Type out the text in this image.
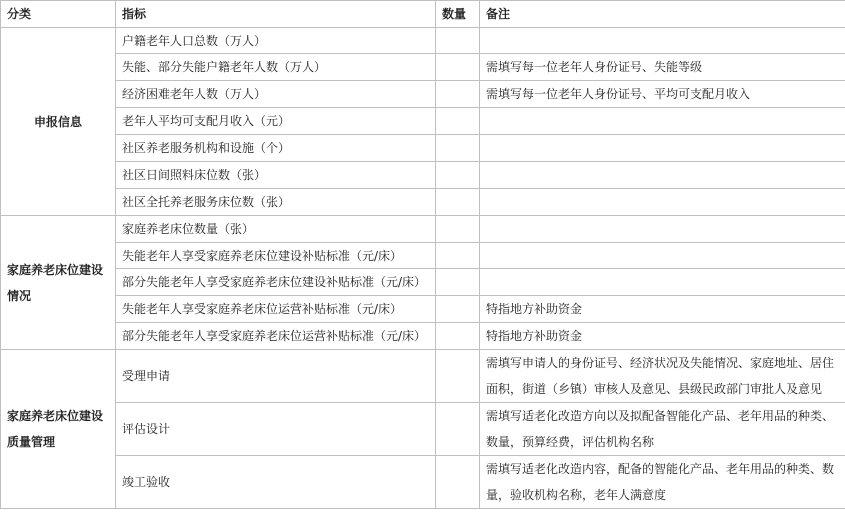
分类	指标	数量	备注
申报信息	户籍老年人口总数（万人）		
	失能、部分失能户籍老年人数（万人）		需填写每一位老年人身份证号、失能等级
	经济困难老年人数（万人）		需填写每一位老年人身份证号、平均可支配月收入
	老年人平均可支配月收入（元）		
	社区养老服务机构和设施（个）		
	社区日间照料床位数（张）		
	社区全托养老服务床位数（张）		
家庭养老床位建设情况	家庭养老床位数量（张）		
	失能老年人享受家庭养老床位建设补贴标准（元/床）		
	部分失能老年人享受家庭养老床位建设补贴标准（元/床）		
	失能老年人享受家庭养老床位运营补贴标准（元/床）		特指地方补助资金
	部分失能老年人享受家庭养老床位运营补贴标准（元/床）		特指地方补助资金
家庭养老床位建设质量管理	受理申请		需填写申请人的身份证号、经济状况及失能情况、家庭地址、居住面积，街道（乡镇）审核人及意见、县级民政部门审批人及意见
	评估设计		需填写适老化改造方向以及拟配备智能化产品、老年用品的种类、数量，预算经费，评估机构名称
	竣工验收		需填写适老化改造内容，配备的智能化产品、老年用品的种类、数量，验收机构名称，老年人满意度
